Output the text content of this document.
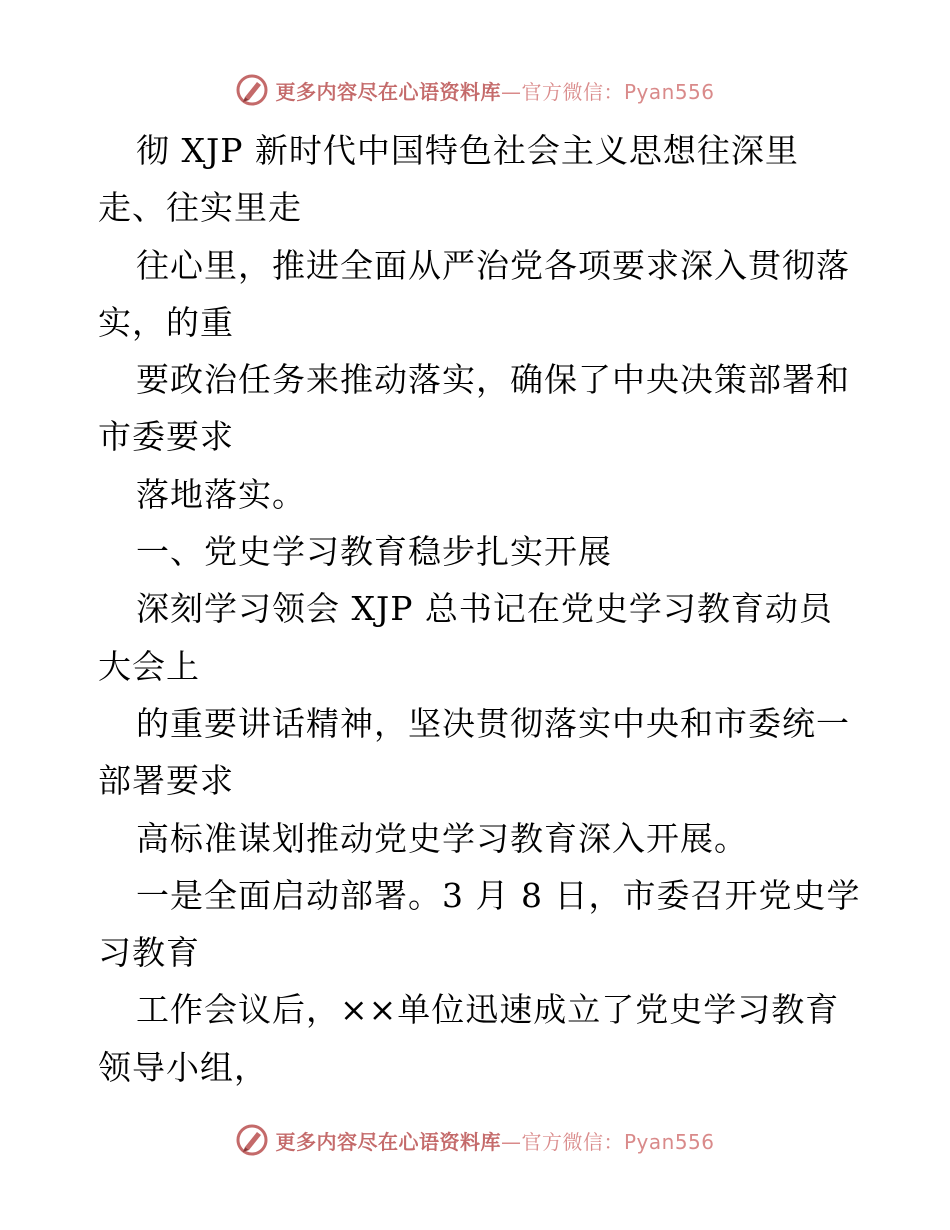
更多内容尽在心语资料库—官方微信：Pyan556
彻 XJP 新时代中国特色社会主义思想往深里
走、往实里走
往心里，推进全面从严治党各项要求深入贯彻落
实，的重
要政治任务来推动落实，确保了中央决策部署和
市委要求
落地落实。
一、党史学习教育稳步扎实开展
深刻学习领会 XJP 总书记在党史学习教育动员
大会上
的重要讲话精神，坚决贯彻落实中央和市委统一
部署要求
高标准谋划推动党史学习教育深入开展。
一是全面启动部署。3 月 8 日，市委召开党史学
习教育
工作会议后，××单位迅速成立了党史学习教育
领导小组，
更多内容尽在心语资料库—官方微信：Pyan556
